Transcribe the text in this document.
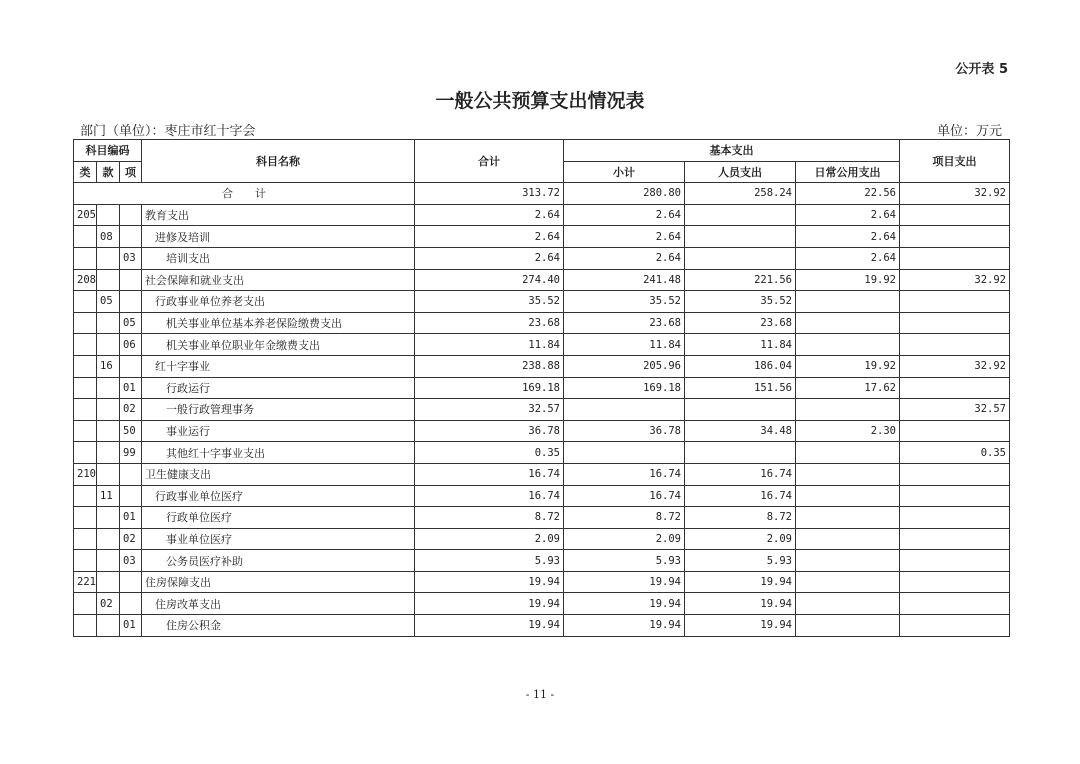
公开表 5
一般公共预算支出情况表
部门（单位）：枣庄市红十字会	单位：万元
科目编码			科目名称	合计	基本支出			项目支出
类	款	项			小计	人员支出	日常公用支出	
合　　计				313.72	280.80	258.24	22.56	32.92
205			教育支出	2.64	2.64		2.64	
	08		进修及培训	2.64	2.64		2.64	
		03	培训支出	2.64	2.64		2.64	
208			社会保障和就业支出	274.40	241.48	221.56	19.92	32.92
	05		行政事业单位养老支出	35.52	35.52	35.52		
		05	机关事业单位基本养老保险缴费支出	23.68	23.68	23.68		
		06	机关事业单位职业年金缴费支出	11.84	11.84	11.84		
	16		红十字事业	238.88	205.96	186.04	19.92	32.92
		01	行政运行	169.18	169.18	151.56	17.62	
		02	一般行政管理事务	32.57				32.57
		50	事业运行	36.78	36.78	34.48	2.30	
		99	其他红十字事业支出	0.35				0.35
210			卫生健康支出	16.74	16.74	16.74		
	11		行政事业单位医疗	16.74	16.74	16.74		
		01	行政单位医疗	8.72	8.72	8.72		
		02	事业单位医疗	2.09	2.09	2.09		
		03	公务员医疗补助	5.93	5.93	5.93		
221			住房保障支出	19.94	19.94	19.94		
	02		住房改革支出	19.94	19.94	19.94		
		01	住房公积金	19.94	19.94	19.94		
- 11 -
